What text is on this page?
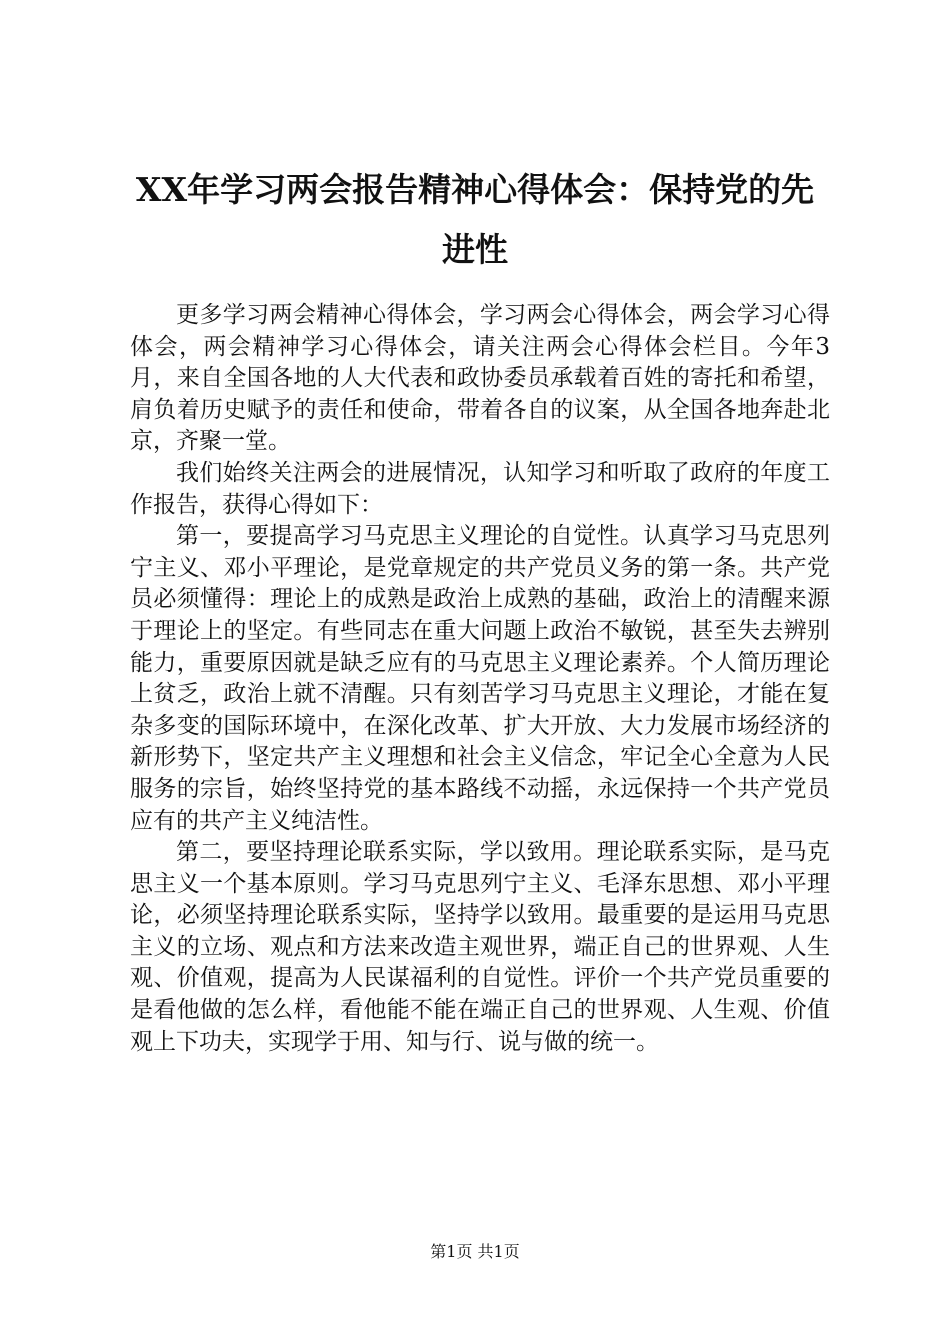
XX年学习两会报告精神心得体会：保持党的先进性

更多学习两会精神心得体会，学习两会心得体会，两会学习心得体会，两会精神学习心得体会，请关注两会心得体会栏目。今年3月，来自全国各地的人大代表和政协委员承载着百姓的寄托和希望，肩负着历史赋予的责任和使命，带着各自的议案，从全国各地奔赴北京，齐聚一堂。

我们始终关注两会的进展情况，认知学习和听取了政府的年度工作报告，获得心得如下：

第一，要提高学习马克思主义理论的自觉性。认真学习马克思列宁主义、邓小平理论，是党章规定的共产党员义务的第一条。共产党员必须懂得：理论上的成熟是政治上成熟的基础，政治上的清醒来源于理论上的坚定。有些同志在重大问题上政治不敏锐，甚至失去辨别能力，重要原因就是缺乏应有的马克思主义理论素养。个人简历理论上贫乏，政治上就不清醒。只有刻苦学习马克思主义理论，才能在复杂多变的国际环境中，在深化改革、扩大开放、大力发展市场经济的新形势下，坚定共产主义理想和社会主义信念，牢记全心全意为人民服务的宗旨，始终坚持党的基本路线不动摇，永远保持一个共产党员应有的共产主义纯洁性。

第二，要坚持理论联系实际，学以致用。理论联系实际，是马克思主义一个基本原则。学习马克思列宁主义、毛泽东思想、邓小平理论，必须坚持理论联系实际，坚持学以致用。最重要的是运用马克思主义的立场、观点和方法来改造主观世界，端正自己的世界观、人生观、价值观，提高为人民谋福利的自觉性。评价一个共产党员重要的是看他做的怎么样，看他能不能在端正自己的世界观、人生观、价值观上下功夫，实现学于用、知与行、说与做的统一。

第1页 共1页
